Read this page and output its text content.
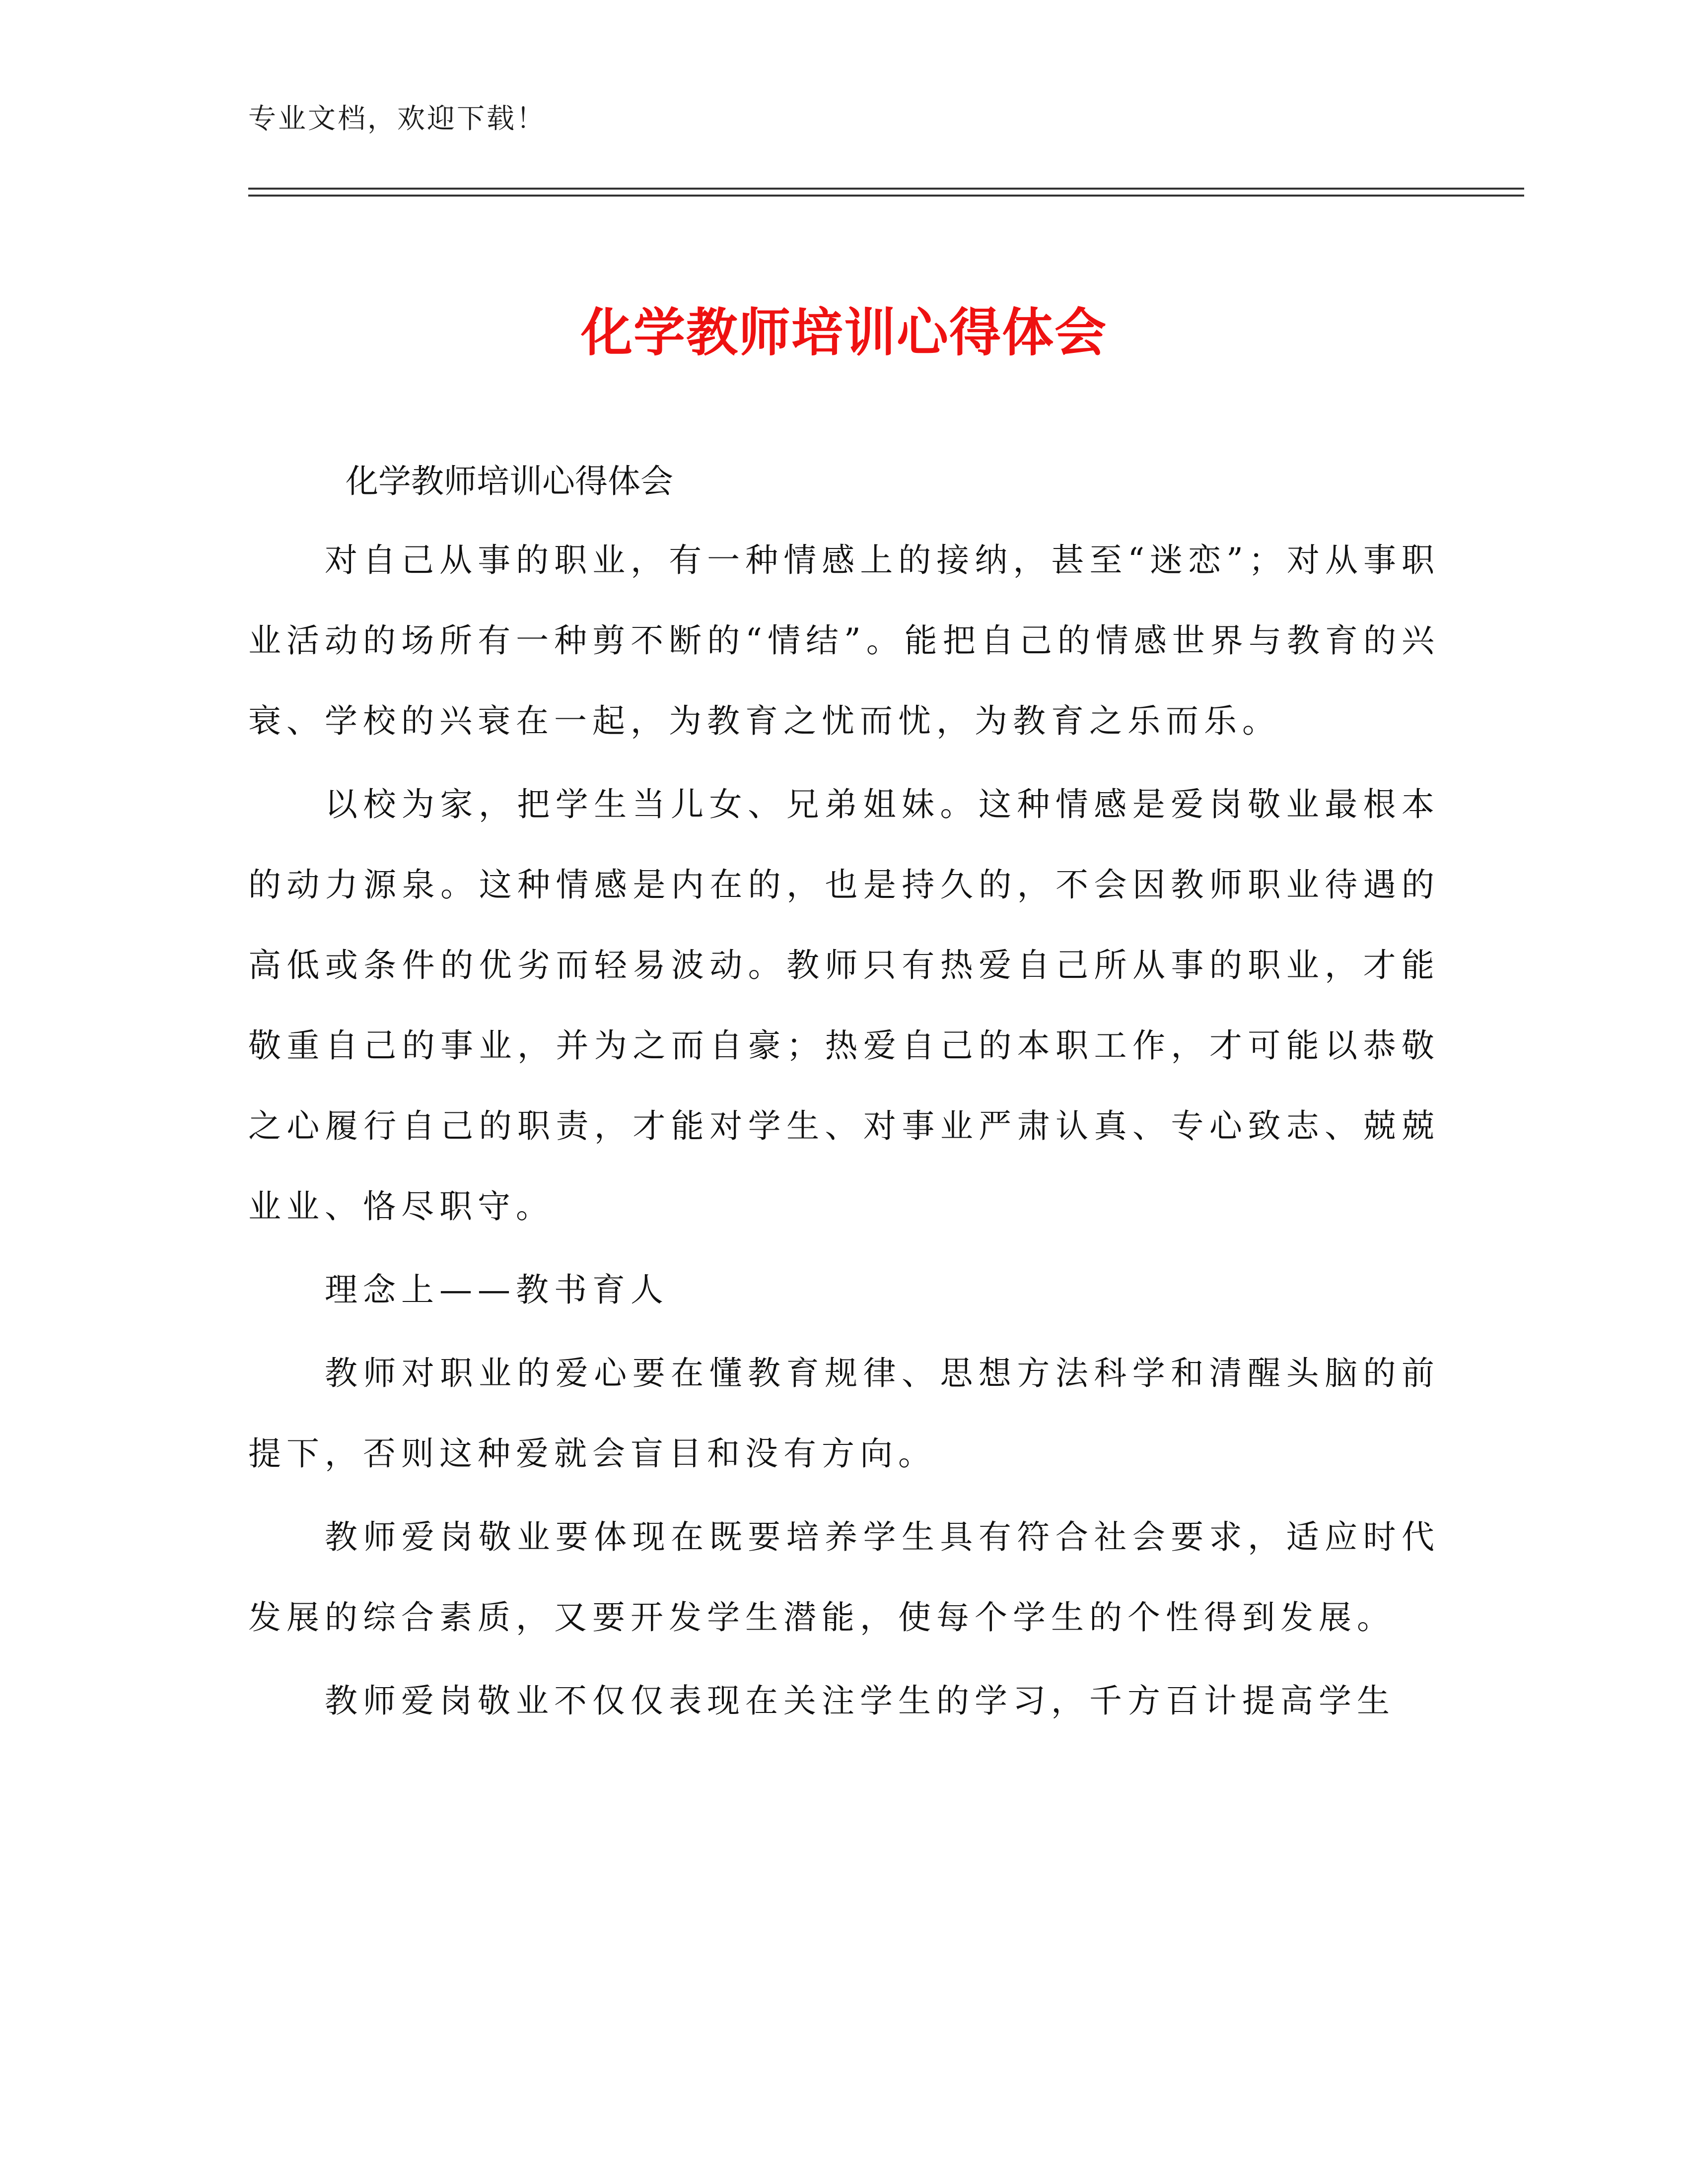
专业文档，欢迎下载！
化学教师培训心得体会
化学教师培训心得体会

对自己从事的职业，有一种情感上的接纳，甚至“迷恋”；对从事职业活动的场所有一种剪不断的“情结”。能把自己的情感世界与教育的兴衰、学校的兴衰在一起，为教育之忧而忧，为教育之乐而乐。

以校为家，把学生当儿女、兄弟姐妹。这种情感是爱岗敬业最根本的动力源泉。这种情感是内在的，也是持久的，不会因教师职业待遇的高低或条件的优劣而轻易波动。教师只有热爱自己所从事的职业，才能敬重自己的事业，并为之而自豪；热爱自己的本职工作，才可能以恭敬之心履行自己的职责，才能对学生、对事业严肃认真、专心致志、兢兢业业、恪尽职守。

理念上——教书育人

教师对职业的爱心要在懂教育规律、思想方法科学和清醒头脑的前提下，否则这种爱就会盲目和没有方向。

教师爱岗敬业要体现在既要培养学生具有符合社会要求，适应时代发展的综合素质，又要开发学生潜能，使每个学生的个性得到发展。

教师爱岗敬业不仅仅表现在关注学生的学习，千方百计提高学生
